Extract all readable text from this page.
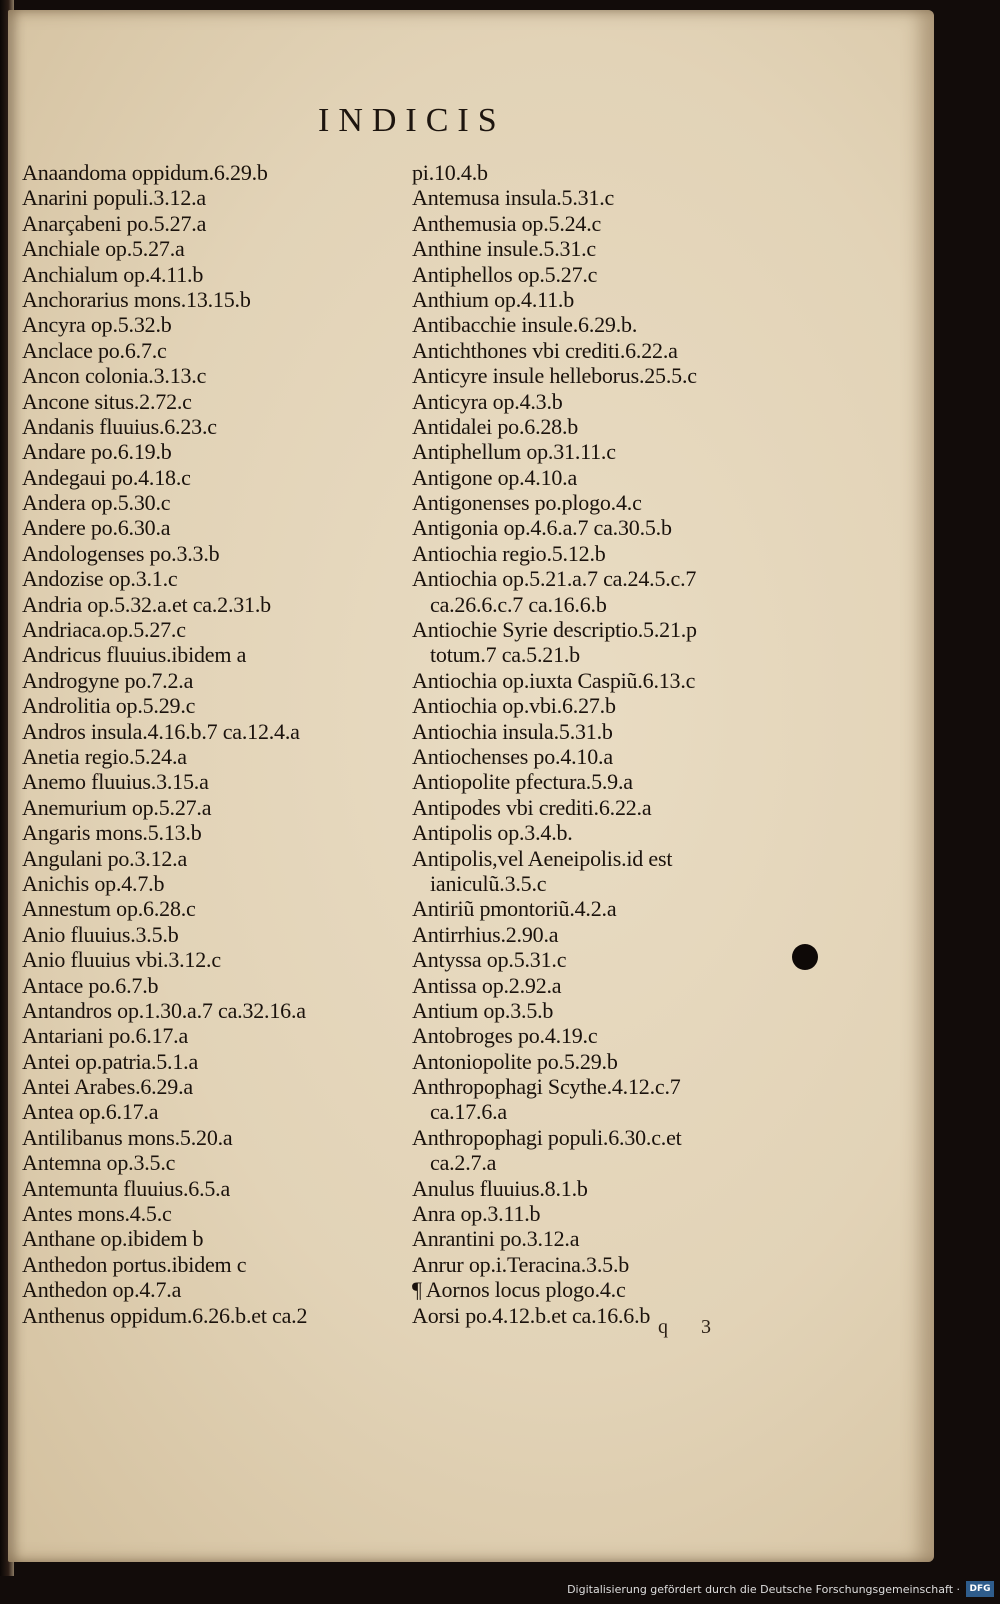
INDICIS
Anaandoma oppidum.6.29.b
Anarini populi.3.12.a
Anarçabeni po.5.27.a
Anchiale op.5.27.a
Anchialum op.4.11.b
Anchorarius mons.13.15.b
Ancyra op.5.32.b
Anclace po.6.7.c
Ancon colonia.3.13.c
Ancone situs.2.72.c
Andanis fluuius.6.23.c
Andare po.6.19.b
Andegaui po.4.18.c
Andera op.5.30.c
Andere po.6.30.a
Andologenses po.3.3.b
Andozise op.3.1.c
Andria op.5.32.a.et ca.2.31.b
Andriaca.op.5.27.c
Andricus fluuius.ibidem a
Androgyne po.7.2.a
Androlitia op.5.29.c
Andros insula.4.16.b.7 ca.12.4.a
Anetia regio.5.24.a
Anemo fluuius.3.15.a
Anemurium op.5.27.a
Angaris mons.5.13.b
Angulani po.3.12.a
Anichis op.4.7.b
Annestum op.6.28.c
Anio fluuius.3.5.b
Anio fluuius vbi.3.12.c
Antace po.6.7.b
Antandros op.1.30.a.7 ca.32.16.a
Antariani po.6.17.a
Antei op.patria.5.1.a
Antei Arabes.6.29.a
Antea op.6.17.a
Antilibanus mons.5.20.a
Antemna op.3.5.c
Antemunta fluuius.6.5.a
Antes mons.4.5.c
Anthane op.ibidem b
Anthedon portus.ibidem c
Anthedon op.4.7.a
Anthenus oppidum.6.26.b.et ca.2
pi.10.4.b
Antemusa insula.5.31.c
Anthemusia op.5.24.c
Anthine insule.5.31.c
Antiphellos op.5.27.c
Anthium op.4.11.b
Antibacchie insule.6.29.b.
Antichthones vbi crediti.6.22.a
Anticyre insule helleborus.25.5.c
Anticyra op.4.3.b
Antidalei po.6.28.b
Antiphellum op.31.11.c
Antigone op.4.10.a
Antigonenses po.plogo.4.c
Antigonia op.4.6.a.7 ca.30.5.b
Antiochia regio.5.12.b
Antiochia op.5.21.a.7 ca.24.5.c.7
ca.26.6.c.7 ca.16.6.b
Antiochie Syrie descriptio.5.21.p
totum.7 ca.5.21.b
Antiochia op.iuxta Caspiũ.6.13.c
Antiochia op.vbi.6.27.b
Antiochia insula.5.31.b
Antiochenses po.4.10.a
Antiopolite pfectura.5.9.a
Antipodes vbi crediti.6.22.a
Antipolis op.3.4.b.
Antipolis,vel Aeneipolis.id est
ianiculũ.3.5.c
Antiriũ pmontoriũ.4.2.a
Antirrhius.2.90.a
Antyssa op.5.31.c
Antissa op.2.92.a
Antium op.3.5.b
Antobroges po.4.19.c
Antoniopolite po.5.29.b
Anthropophagi Scythe.4.12.c.7
ca.17.6.a
Anthropophagi populi.6.30.c.et
ca.2.7.a
Anulus fluuius.8.1.b
Anra op.3.11.b
Anrantini po.3.12.a
Anrur op.i.Teracina.3.5.b
¶ Aornos locus plogo.4.c
Aorsi po.4.12.b.et ca.16.6.b q 3
Digitalisierung gefördert durch die Deutsche Forschungsgemeinschaft ·	DFG
